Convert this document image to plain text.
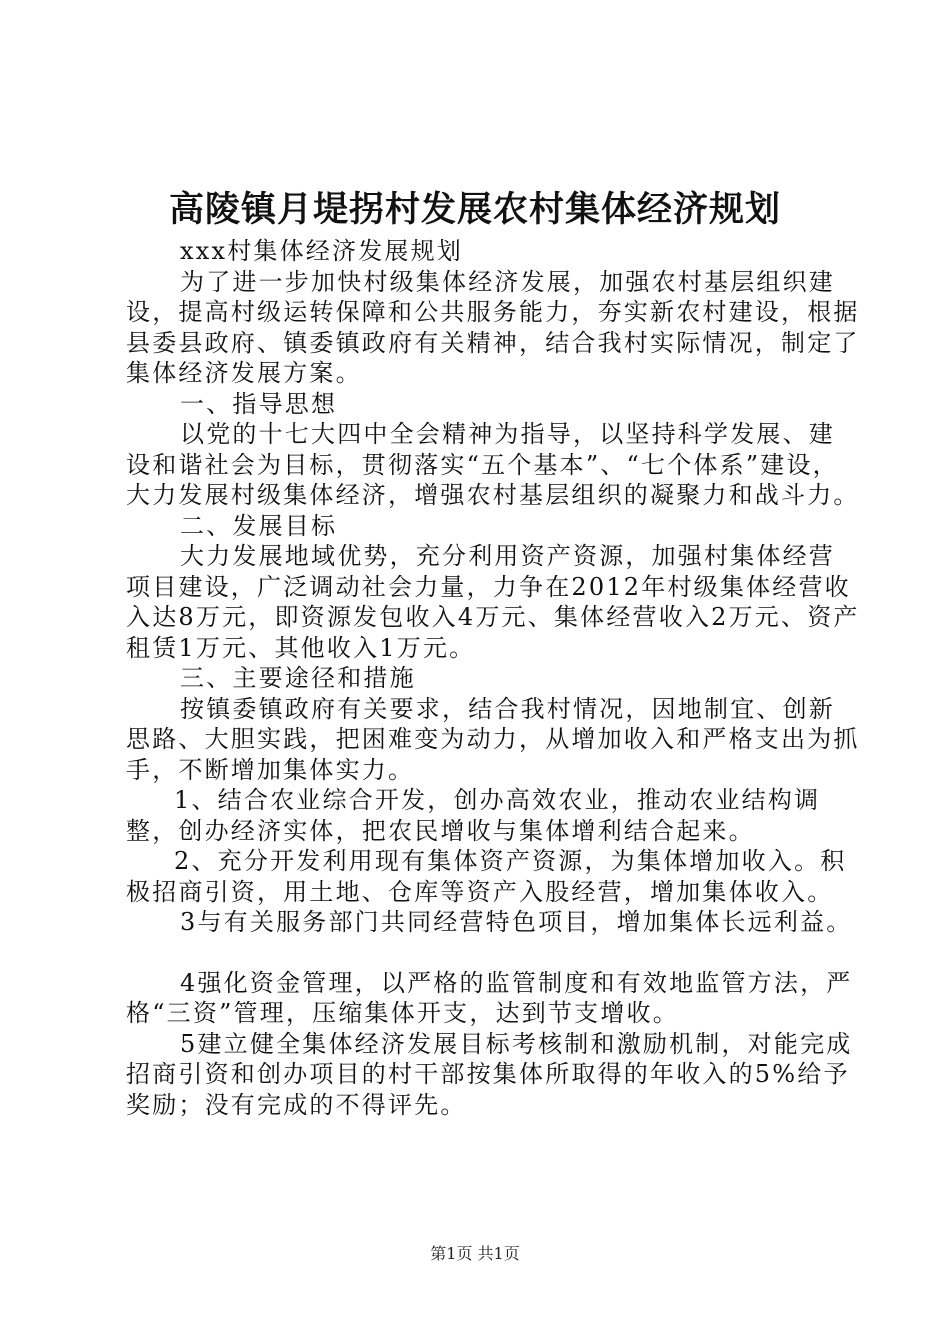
高陵镇月堤拐村发展农村集体经济规划

xxx村集体经济发展规划

为了进一步加快村级集体经济发展，加强农村基层组织建设，提高村级运转保障和公共服务能力，夯实新农村建设，根据县委县政府、镇委镇政府有关精神，结合我村实际情况，制定了集体经济发展方案。

一、指导思想

以党的十七大四中全会精神为指导，以坚持科学发展、建设和谐社会为目标，贯彻落实“五个基本”、“七个体系”建设，大力发展村级集体经济，增强农村基层组织的凝聚力和战斗力。

二、发展目标

大力发展地域优势，充分利用资产资源，加强村集体经营项目建设，广泛调动社会力量，力争在2012年村级集体经营收入达8万元，即资源发包收入4万元、集体经营收入2万元、资产租赁1万元、其他收入1万元。

三、主要途径和措施

按镇委镇政府有关要求，结合我村情况，因地制宜、创新思路、大胆实践，把困难变为动力，从增加收入和严格支出为抓手，不断增加集体实力。

1、结合农业综合开发，创办高效农业，推动农业结构调整，创办经济实体，把农民增收与集体增利结合起来。

2、充分开发利用现有集体资产资源，为集体增加收入。积极招商引资，用土地、仓库等资产入股经营，增加集体收入。

3与有关服务部门共同经营特色项目，增加集体长远利益。

4强化资金管理，以严格的监管制度和有效地监管方法，严格“三资”管理，压缩集体开支，达到节支增收。

5建立健全集体经济发展目标考核制和激励机制，对能完成招商引资和创办项目的村干部按集体所取得的年收入的5%给予奖励；没有完成的不得评先。

第1页 共1页
